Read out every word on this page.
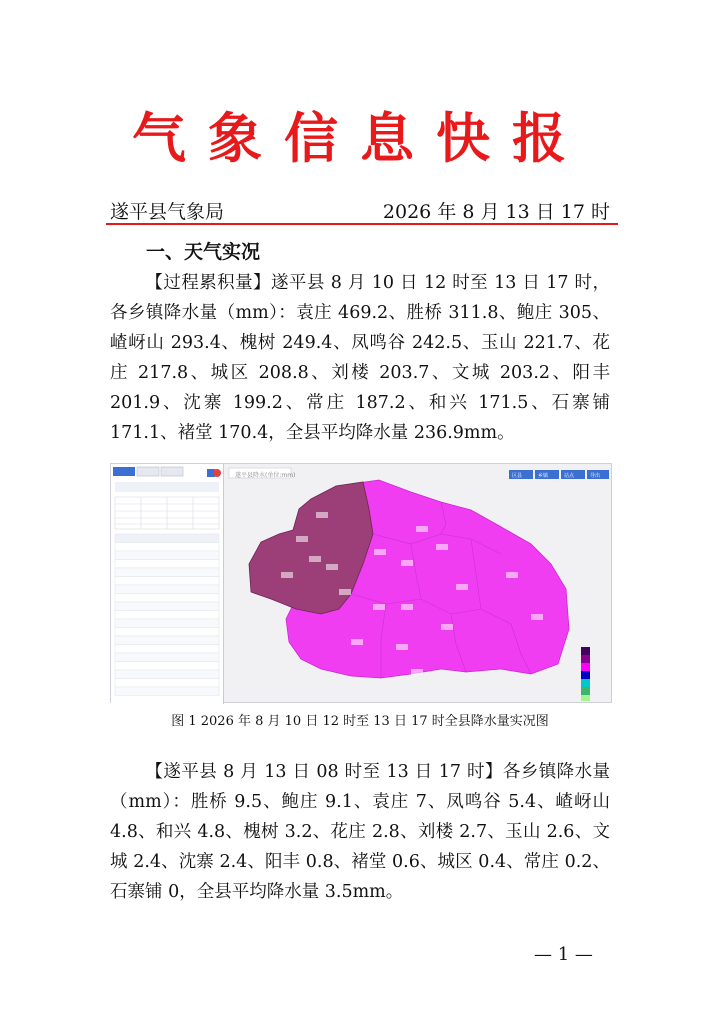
气象信息快报
遂平县气象局	2026 年 8 月 13 日 17 时
一、天气实况
【过程累积量】遂平县 8 月 10 日 12 时至 13 日 17 时，各乡镇降水量（mm）：袁庄 469.2、胜桥 311.8、鲍庄 305、嵖岈山 293.4、槐树 249.4、凤鸣谷 242.5、玉山 221.7、花庄 217.8、城区 208.8、刘楼 203.7、文城 203.2、阳丰 201.9、沈寨 199.2、常庄 187.2、和兴 171.5、石寨铺 171.1、褚堂 170.4，全县平均降水量 236.9mm。
遂平县降水(单位:mm)	区县	乡镇	站点	导出
图 1 2026 年 8 月 10 日 12 时至 13 日 17 时全县降水量实况图
【遂平县 8 月 13 日 08 时至 13 日 17 时】各乡镇降水量（mm）：胜桥 9.5、鲍庄 9.1、袁庄 7、凤鸣谷 5.4、嵖岈山 4.8、和兴 4.8、槐树 3.2、花庄 2.8、刘楼 2.7、玉山 2.6、文城 2.4、沈寨 2.4、阳丰 0.8、褚堂 0.6、城区 0.4、常庄 0.2、石寨铺 0，全县平均降水量 3.5mm。
— 1 —
